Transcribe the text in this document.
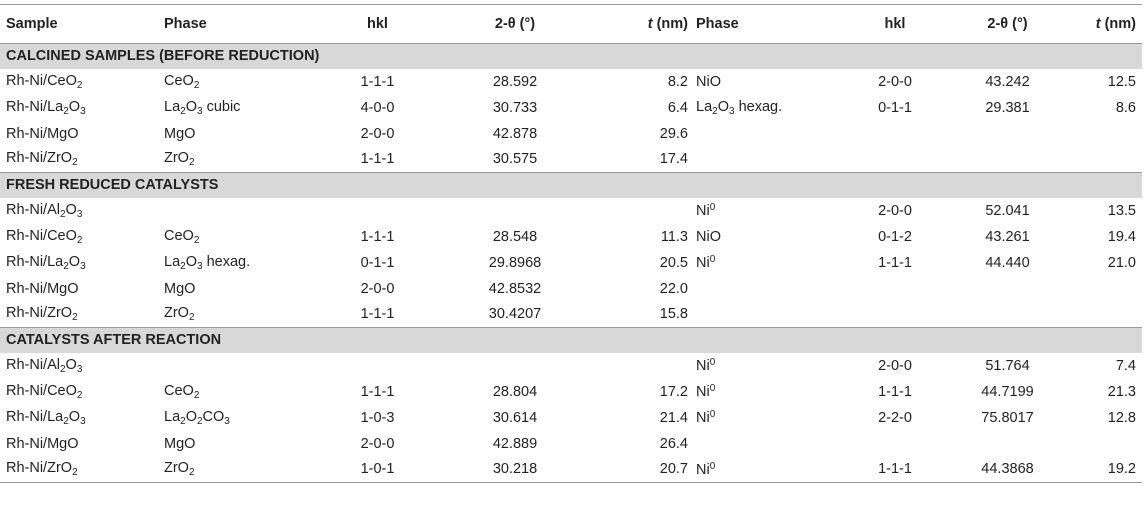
Sample	Phase	hkl	2-θ (°)	t (nm)	Phase	hkl	2-θ (°)	t (nm)
CALCINED SAMPLES (BEFORE REDUCTION)								
Rh-Ni/CeO$_2$	CeO$_2$	1-1-1	28.592	8.2	NiO	2-0-0	43.242	12.5
$Rh-Ni/La_2O_3$	$La_2O_3$ cubic	4-0-0	30.733	6.4	$La_2O_3$ hexag.	0-1-1	29.381	8.6
Rh-Ni/MgO	MgO	2-0-0	42.878	29.6				
Rh-Ni/ZrO$_2$	ZrO$_2$	1-1-1	30.575	17.4				
FRESH REDUCED CATALYSTS								
$Rh-Ni/Al_2O_3$					Ni$^0$	2-0-0	52.041	13.5
Rh-Ni/CeO$_2$	CeO$_2$	1-1-1	28.548	11.3	NiO	0-1-2	43.261	19.4
$Rh-Ni/La_2O_3$	$La_2O_3$ hexag.	0-1-1	29.8968	20.5	Ni$^0$	1-1-1	44.440	21.0
Rh-Ni/MgO	MgO	2-0-0	42.8532	22.0				
Rh-Ni/ZrO$_2$	ZrO$_2$	1-1-1	30.4207	15.8				
CATALYSTS AFTER REACTION								
$Rh-Ni/Al_2O_3$					Ni$^0$	2-0-0	51.764	7.4
Rh-Ni/CeO$_2$	CeO$_2$	1-1-1	28.804	17.2	Ni$^0$	1-1-1	44.7199	21.3
$Rh-Ni/La_2O_3$	$La_2O_2CO_3$	1-0-3	30.614	21.4	Ni$^0$	2-2-0	75.8017	12.8
Rh-Ni/MgO	MgO	2-0-0	42.889	26.4				
Rh-Ni/ZrO$_2$	ZrO$_2$	1-0-1	30.218	20.7	Ni$^0$	1-1-1	44.3868	19.2
